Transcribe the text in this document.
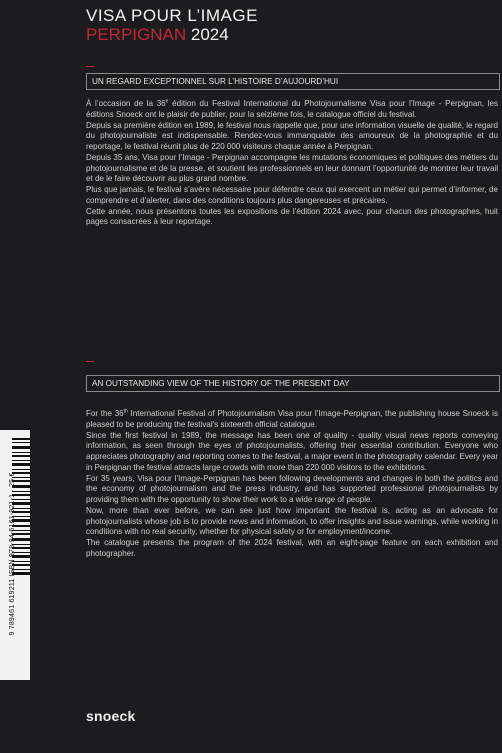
VISA POUR L’IMAGE
PERPIGNAN 2024
UN REGARD EXCEPTIONNEL SUR L’HISTOIRE D’AUJOURD’HUI

À l’occasion de la 36e édition du Festival International du Photojournalisme Visa pour l’Image - Perpignan, les éditions Snoeck ont le plaisir de publier, pour la seizième fois, le catalogue officiel du festival.

Depuis sa première édition en 1989, le festival nous rappelle que, pour une information visuelle de qualité, le regard du photojournaliste est indispensable. Rendez-vous immanquable des amoureux de la photographie et du reportage, le festival réunit plus de 220 000 visiteurs chaque année à Perpignan.

Depuis 35 ans, Visa pour l’Image - Perpignan accompagne les mutations économiques et politiques des métiers du photojournalisme et de la presse, et soutient les professionnels en leur donnant l’opportunité de montrer leur travail et de le faire découvrir au plus grand nombre.

Plus que jamais, le festival s’avère nécessaire pour défendre ceux qui exercent un métier qui permet d’informer, de comprendre et d’alerter, dans des conditions toujours plus dangereuses et précaires.

Cette année, nous présentons toutes les expositions de l’édition 2024 avec, pour chacun des photographes, huit pages consacrées à leur reportage.

AN OUTSTANDING VIEW OF THE HISTORY OF THE PRESENT DAY

For the 36th International Festival of Photojournalism Visa pour l’Image-Perpignan, the publishing house Snoeck is pleased to be producing the festival’s sixteenth official catalogue.

Since the first festival in 1989, the message has been one of quality - quality visual news reports conveying information, as seen through the eyes of photojournalists, offering their essential contribution. Everyone who appreciates photography and reporting comes to the festival, a major event in the photography calendar. Every year in Perpignan the festival attracts large crowds with more than 220 000 visitors to the exhibitions.

For 35 years, Visa pour l’Image-Perpignan has been following developments and changes in both the politics and the economy of photojournalism and the press industry, and has supported professional photojournalists by providing them with the opportunity to show their work to a wide range of people.

Now, more than ever before, we can see just how important the festival is, acting as an advocate for photojournalists whose job is to provide news and information, to offer insights and issue warnings, while working in conditions with no real security, whether for physical safety or for employment/income.

The catalogue presents the program of the 2024 festival, with an eight-page feature on each exhibition and photographer.

9 789461 619211 ISBN 978-94-6161-921-1 · 25 €
snoeck
